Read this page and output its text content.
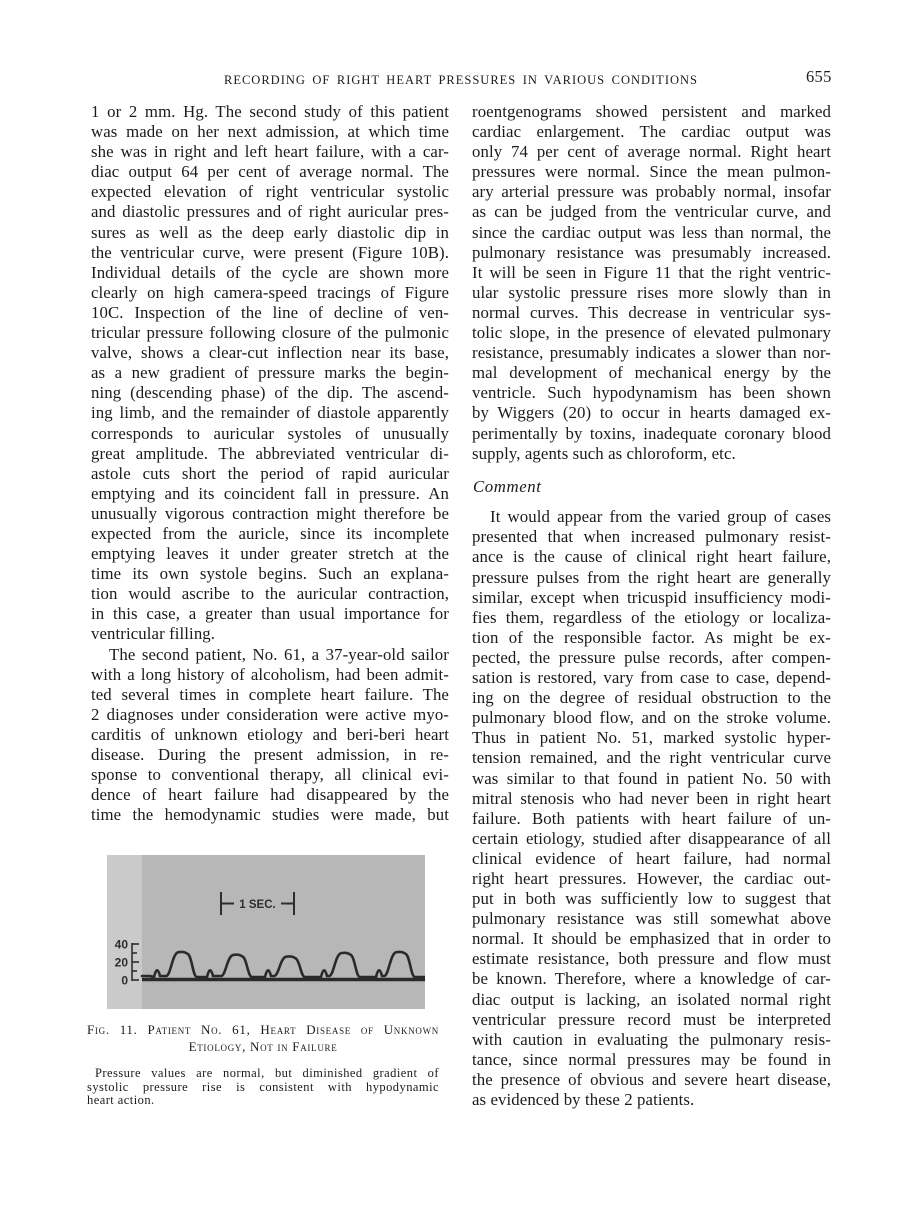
RECORDING OF RIGHT HEART PRESSURES IN VARIOUS CONDITIONS	655
1 or 2 mm. Hg. The second study of this patient
was made on her next admission, at which time
she was in right and left heart failure, with a car-
diac output 64 per cent of average normal. The
expected elevation of right ventricular systolic
and diastolic pressures and of right auricular pres-
sures as well as the deep early diastolic dip in
the ventricular curve, were present (Figure 10B).
Individual details of the cycle are shown more
clearly on high camera-speed tracings of Figure
10C. Inspection of the line of decline of ven-
tricular pressure following closure of the pulmonic
valve, shows a clear-cut inflection near its base,
as a new gradient of pressure marks the begin-
ning (descending phase) of the dip. The ascend-
ing limb, and the remainder of diastole apparently
corresponds to auricular systoles of unusually
great amplitude. The abbreviated ventricular di-
astole cuts short the period of rapid auricular
emptying and its coincident fall in pressure. An
unusually vigorous contraction might therefore be
expected from the auricle, since its incomplete
emptying leaves it under greater stretch at the
time its own systole begins. Such an explana-
tion would ascribe to the auricular contraction,
in this case, a greater than usual importance for
ventricular filling.
The second patient, No. 61, a 37-year-old sailor
with a long history of alcoholism, had been admit-
ted several times in complete heart failure. The
2 diagnoses under consideration were active myo-
carditis of unknown etiology and beri-beri heart
disease. During the present admission, in re-
sponse to conventional therapy, all clinical evi-
dence of heart failure had disappeared by the
time the hemodynamic studies were made, but
1 SEC.
40
20
0
Fig. 11. Patient No. 61, Heart Disease of Unknown
Etiology, Not in Failure
Pressure values are normal, but diminished gradient of
systolic pressure rise is consistent with hypodynamic
heart action.
roentgenograms showed persistent and marked
cardiac enlargement. The cardiac output was
only 74 per cent of average normal. Right heart
pressures were normal. Since the mean pulmon-
ary arterial pressure was probably normal, insofar
as can be judged from the ventricular curve, and
since the cardiac output was less than normal, the
pulmonary resistance was presumably increased.
It will be seen in Figure 11 that the right ventric-
ular systolic pressure rises more slowly than in
normal curves. This decrease in ventricular sys-
tolic slope, in the presence of elevated pulmonary
resistance, presumably indicates a slower than nor-
mal development of mechanical energy by the
ventricle. Such hypodynamism has been shown
by Wiggers (20) to occur in hearts damaged ex-
perimentally by toxins, inadequate coronary blood
supply, agents such as chloroform, etc.
Comment
It would appear from the varied group of cases
presented that when increased pulmonary resist-
ance is the cause of clinical right heart failure,
pressure pulses from the right heart are generally
similar, except when tricuspid insufficiency modi-
fies them, regardless of the etiology or localiza-
tion of the responsible factor. As might be ex-
pected, the pressure pulse records, after compen-
sation is restored, vary from case to case, depend-
ing on the degree of residual obstruction to the
pulmonary blood flow, and on the stroke volume.
Thus in patient No. 51, marked systolic hyper-
tension remained, and the right ventricular curve
was similar to that found in patient No. 50 with
mitral stenosis who had never been in right heart
failure. Both patients with heart failure of un-
certain etiology, studied after disappearance of all
clinical evidence of heart failure, had normal
right heart pressures. However, the cardiac out-
put in both was sufficiently low to suggest that
pulmonary resistance was still somewhat above
normal. It should be emphasized that in order to
estimate resistance, both pressure and flow must
be known. Therefore, where a knowledge of car-
diac output is lacking, an isolated normal right
ventricular pressure record must be interpreted
with caution in evaluating the pulmonary resis-
tance, since normal pressures may be found in
the presence of obvious and severe heart disease,
as evidenced by these 2 patients.
